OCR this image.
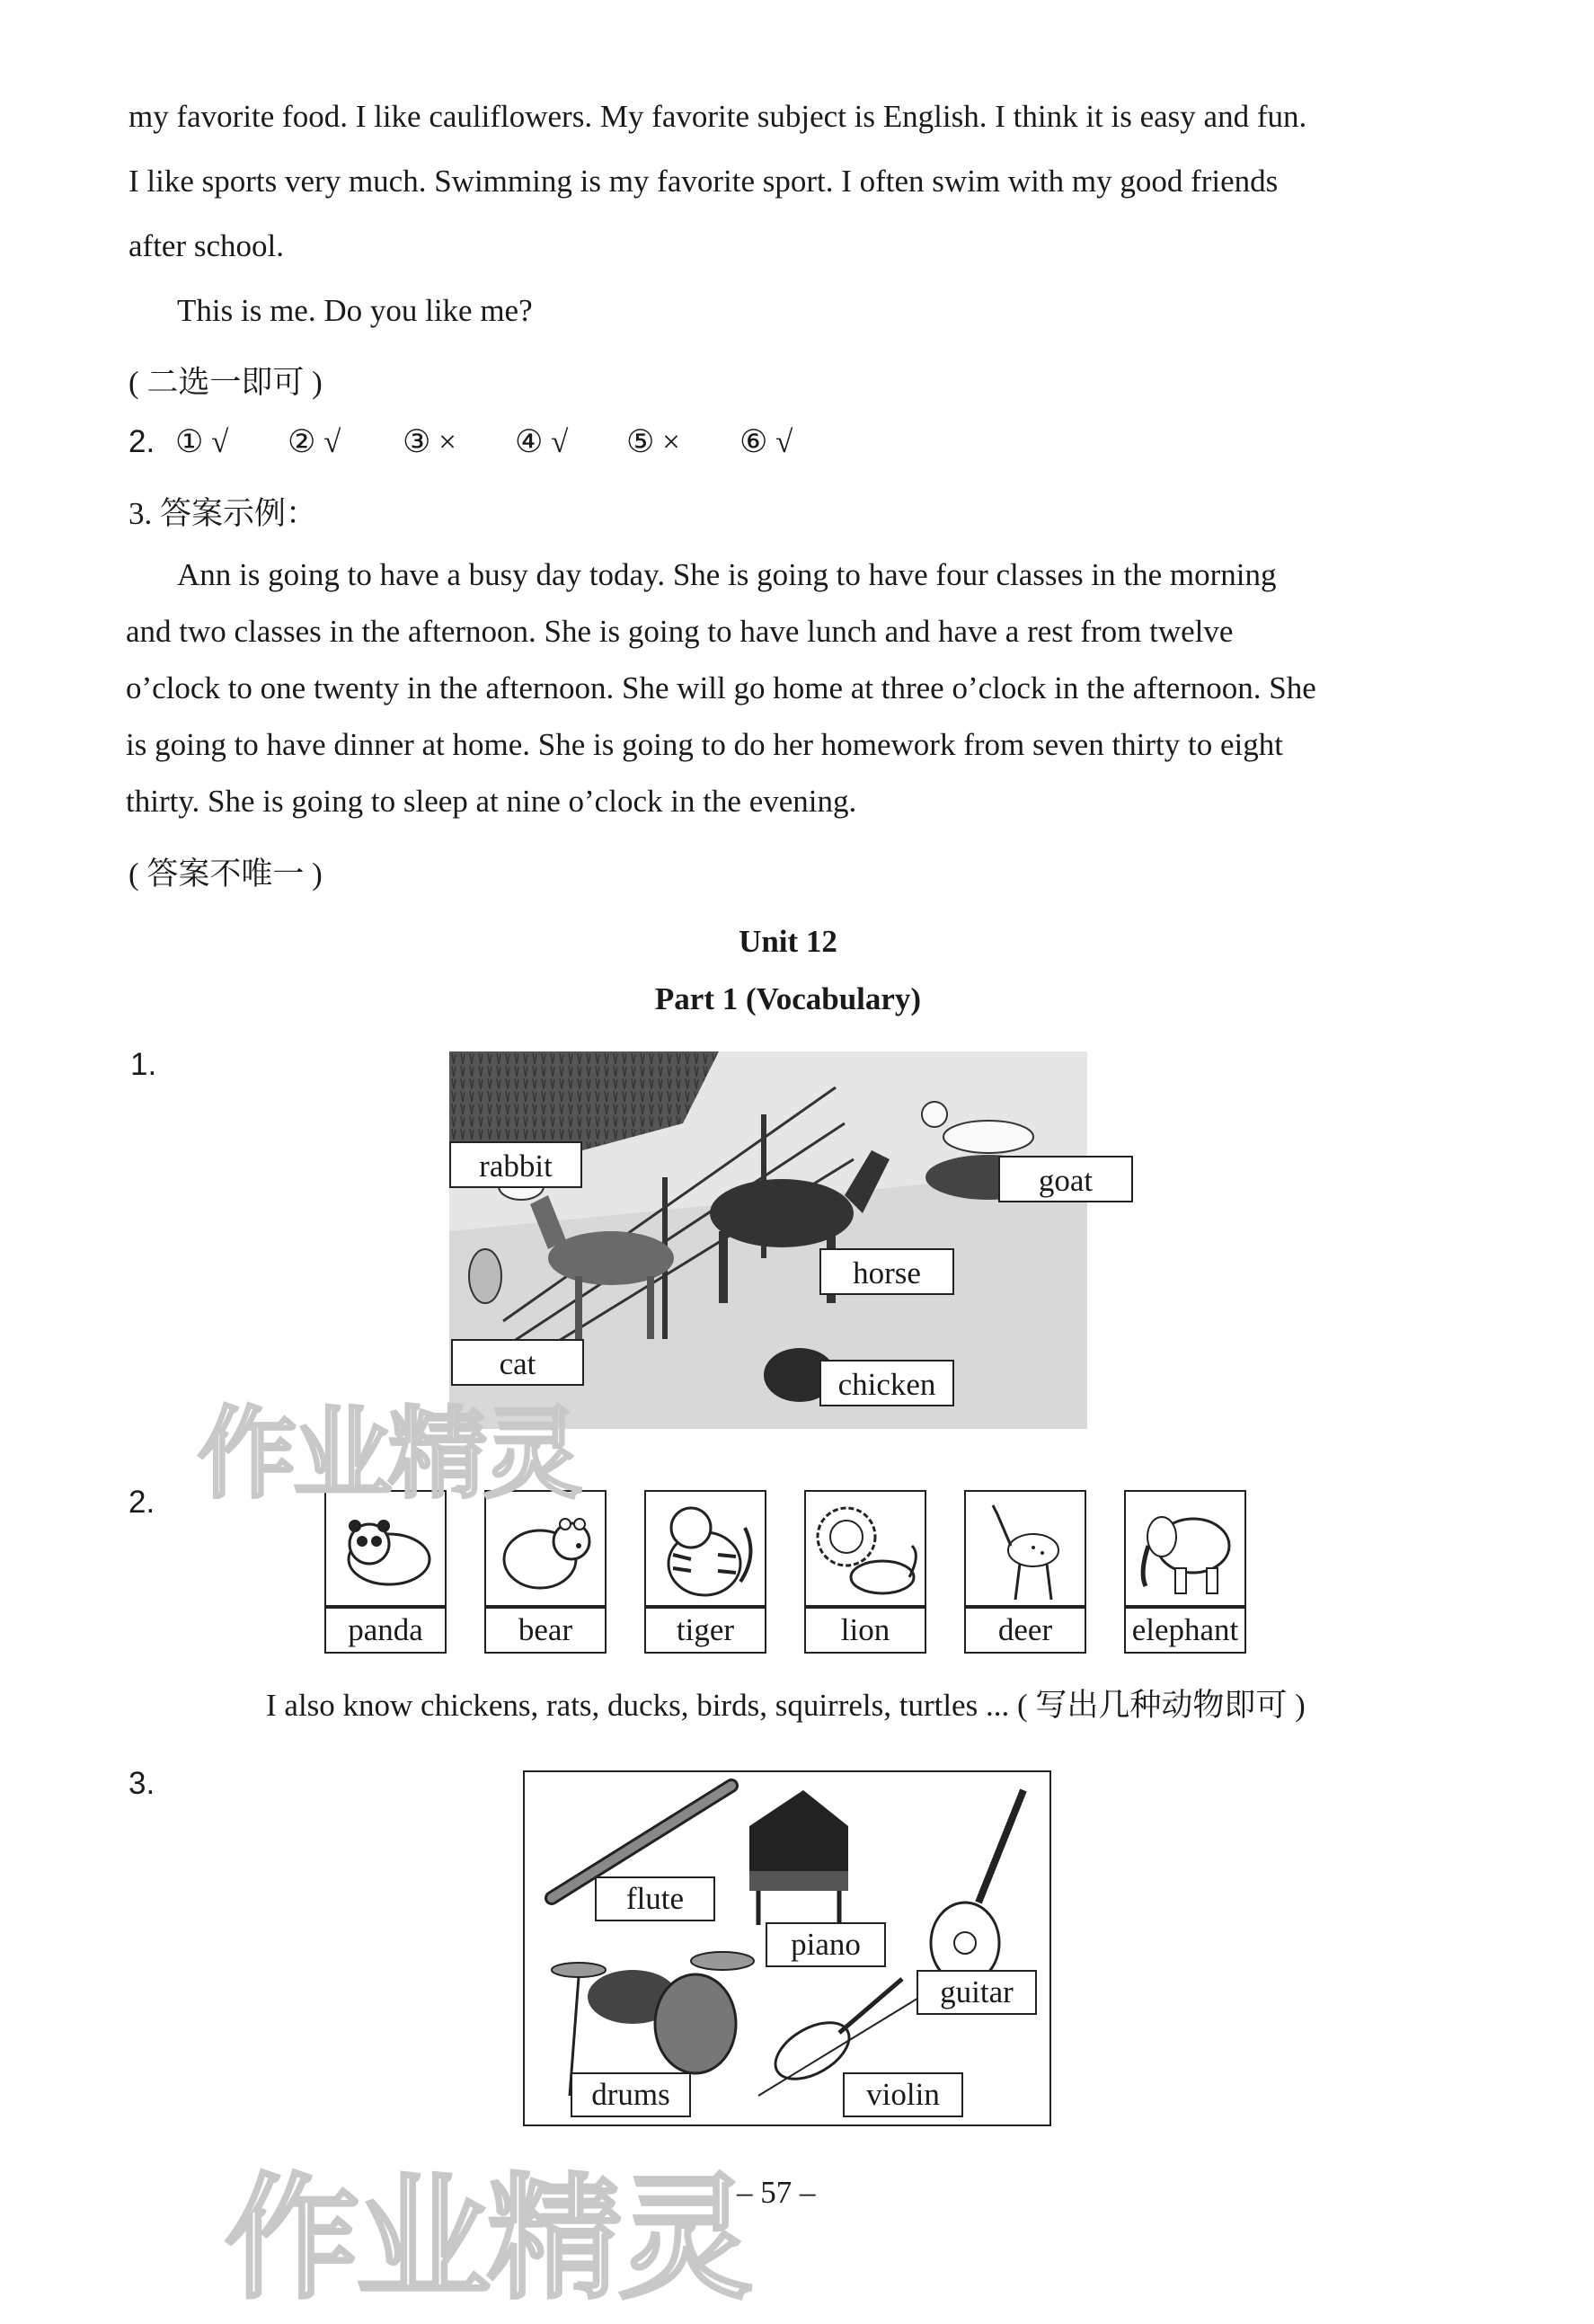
my favorite food. I like cauliflowers. My favorite subject is English. I think it is easy and fun.
I like sports very much. Swimming is my favorite sport. I often swim with my good friends
after school.
This is me. Do you like me?
( 二选一即可 )
2. ① √ ② √ ③ × ④ √ ⑤ × ⑥ √
3. 答案示例：
Ann is going to have a busy day today. She is going to have four classes in the morning
and two classes in the afternoon. She is going to have lunch and have a rest from twelve
o’clock to one twenty in the afternoon. She will go home at three o’clock in the afternoon. She
is going to have dinner at home. She is going to do her homework from seven thirty to eight
thirty. She is going to sleep at nine o’clock in the evening.
( 答案不唯一 )
Unit 12
Part 1 (Vocabulary)
1.
rabbit	goat
horse
cat
chicken
2.
panda	bear	tiger	lion	deer	elephant
I also know chickens, rats, ducks, birds, squirrels, turtles ... ( 写出几种动物即可 )
3.
flute
piano
guitar
drums	violin
– 57 –
作业精灵
作业精灵
